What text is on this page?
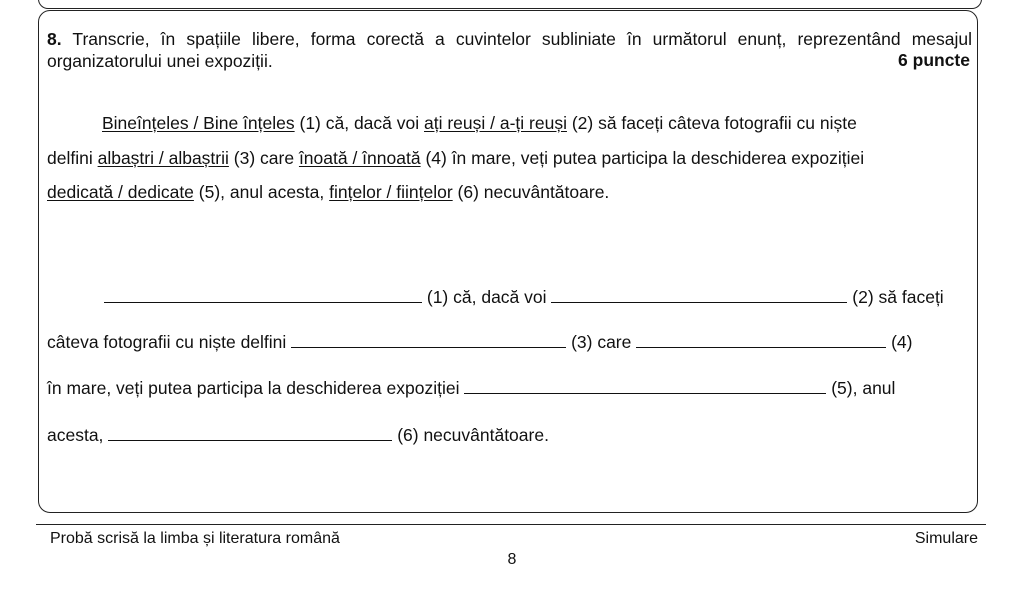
8. Transcrie, în spațiile libere, forma corectă a cuvintelor subliniate în următorul enunț, reprezentând mesajul organizatorului unei expoziții.	6 puncte
Bineînțeles / Bine înțeles (1) că, dacă voi ați reuși / a-ți reuși (2) să faceți câteva fotografii cu niște
delfini albaștri / albaștrii (3) care înoată / înnoată (4) în mare, veți putea participa la deschiderea expoziției
dedicată / dedicate (5), anul acesta, fințelor / ființelor (6) necuvântătoare.
(1) că, dacă voi	(2) să faceți
câteva fotografii cu niște delfini	(3) care	(4)
în mare, veți putea participa la deschiderea expoziției	(5), anul
acesta,	(6) necuvântătoare.
Probă scrisă la limba și literatura română	Simulare
8
